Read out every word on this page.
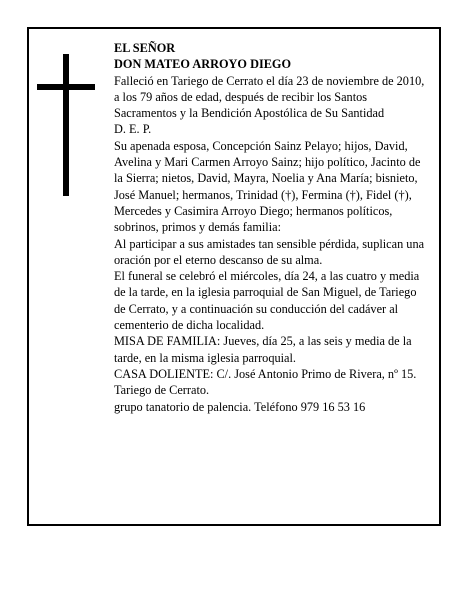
EL SEÑOR

DON MATEO ARROYO DIEGO

Falleció en Tariego de Cerrato el día 23 de noviembre de 2010, a los 79 años de edad, después de recibir los Santos Sacramentos y la Bendición Apostólica de Su Santidad

D. E. P.

Su apenada esposa, Concepción Sainz Pelayo; hijos, David, Avelina y Mari Carmen Arroyo Sainz; hijo político, Jacinto de la Sierra; nietos, David, Mayra, Noelia y Ana María; bisnieto, José Manuel; hermanos, Trinidad (†), Fermina (†), Fidel (†), Mercedes y Casimira Arroyo Diego; hermanos políticos, sobrinos, primos y demás familia:

Al participar a sus amistades tan sensible pérdida, suplican una oración por el eterno descanso de su alma.

El funeral se celebró el miércoles, día 24, a las cuatro y media de la tarde, en la iglesia parroquial de San Miguel, de Tariego de Cerrato, y a continuación su conducción del cadáver al cementerio de dicha localidad.

MISA DE FAMILIA: Jueves, día 25, a las seis y media de la tarde, en la misma iglesia parroquial.

CASA DOLIENTE: C/. José Antonio Primo de Rivera, nº 15. Tariego de Cerrato.

grupo tanatorio de palencia. Teléfono 979 16 53 16
